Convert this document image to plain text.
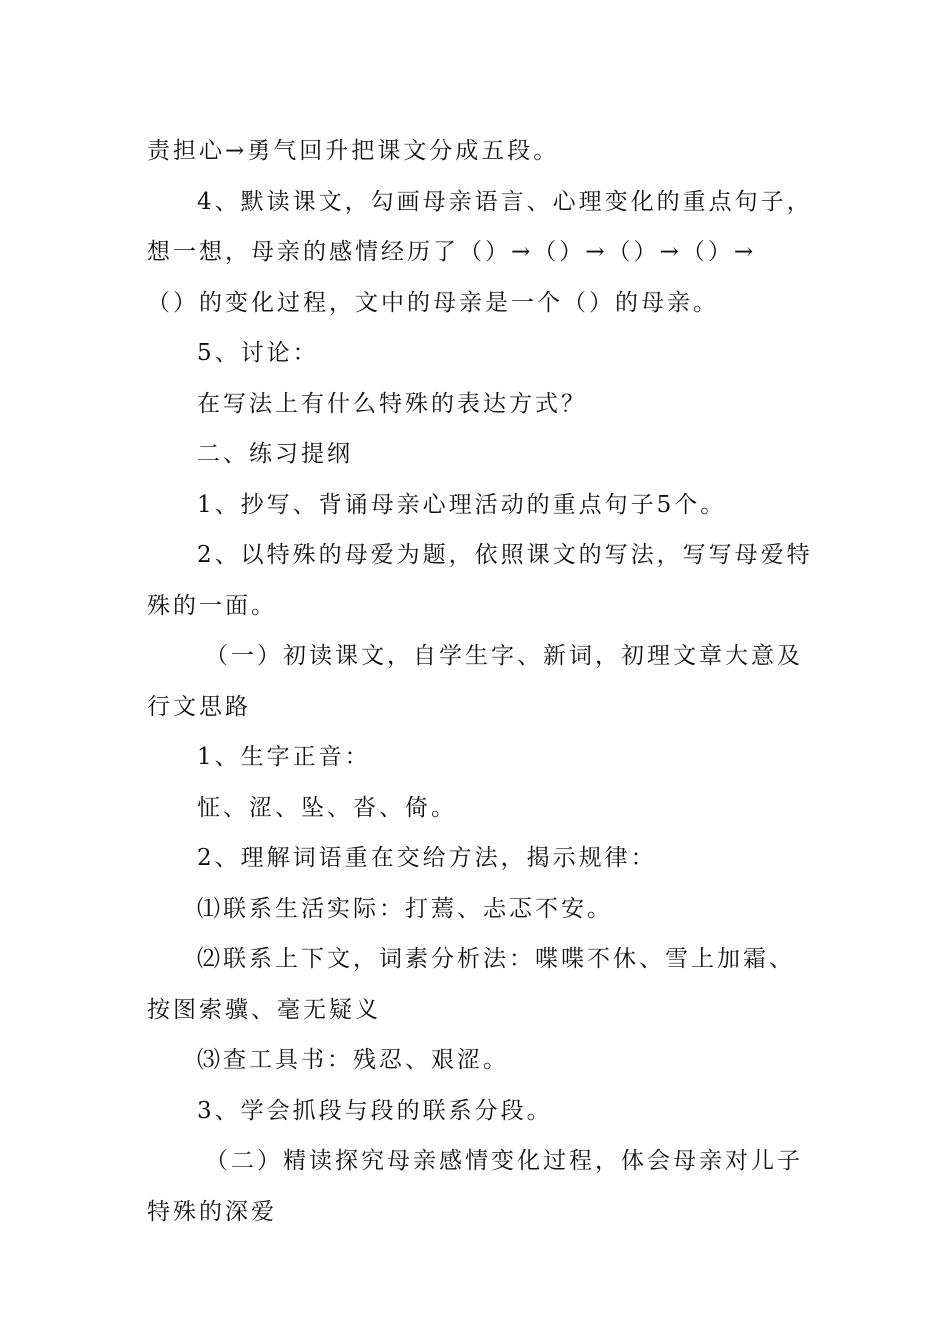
责担心→勇气回升把课文分成五段。
4、默读课文，勾画母亲语言、心理变化的重点句子，
想一想，母亲的感情经历了（）→（）→（）→（）→
（）的变化过程，文中的母亲是一个（）的母亲。
5、讨论：
在写法上有什么特殊的表达方式？
二、练习提纲
1、抄写、背诵母亲心理活动的重点句子5个。
2、以特殊的母爱为题，依照课文的写法，写写母爱特
殊的一面。
（一）初读课文，自学生字、新词，初理文章大意及
行文思路
1、生字正音：
怔、涩、坠、沓、倚。
2、理解词语重在交给方法，揭示规律：
⑴联系生活实际：打蔫、忐忑不安。
⑵联系上下文，词素分析法：喋喋不休、雪上加霜、
按图索骥、毫无疑义
⑶查工具书：残忍、艰涩。
3、学会抓段与段的联系分段。
（二）精读探究母亲感情变化过程，体会母亲对儿子
特殊的深爱
